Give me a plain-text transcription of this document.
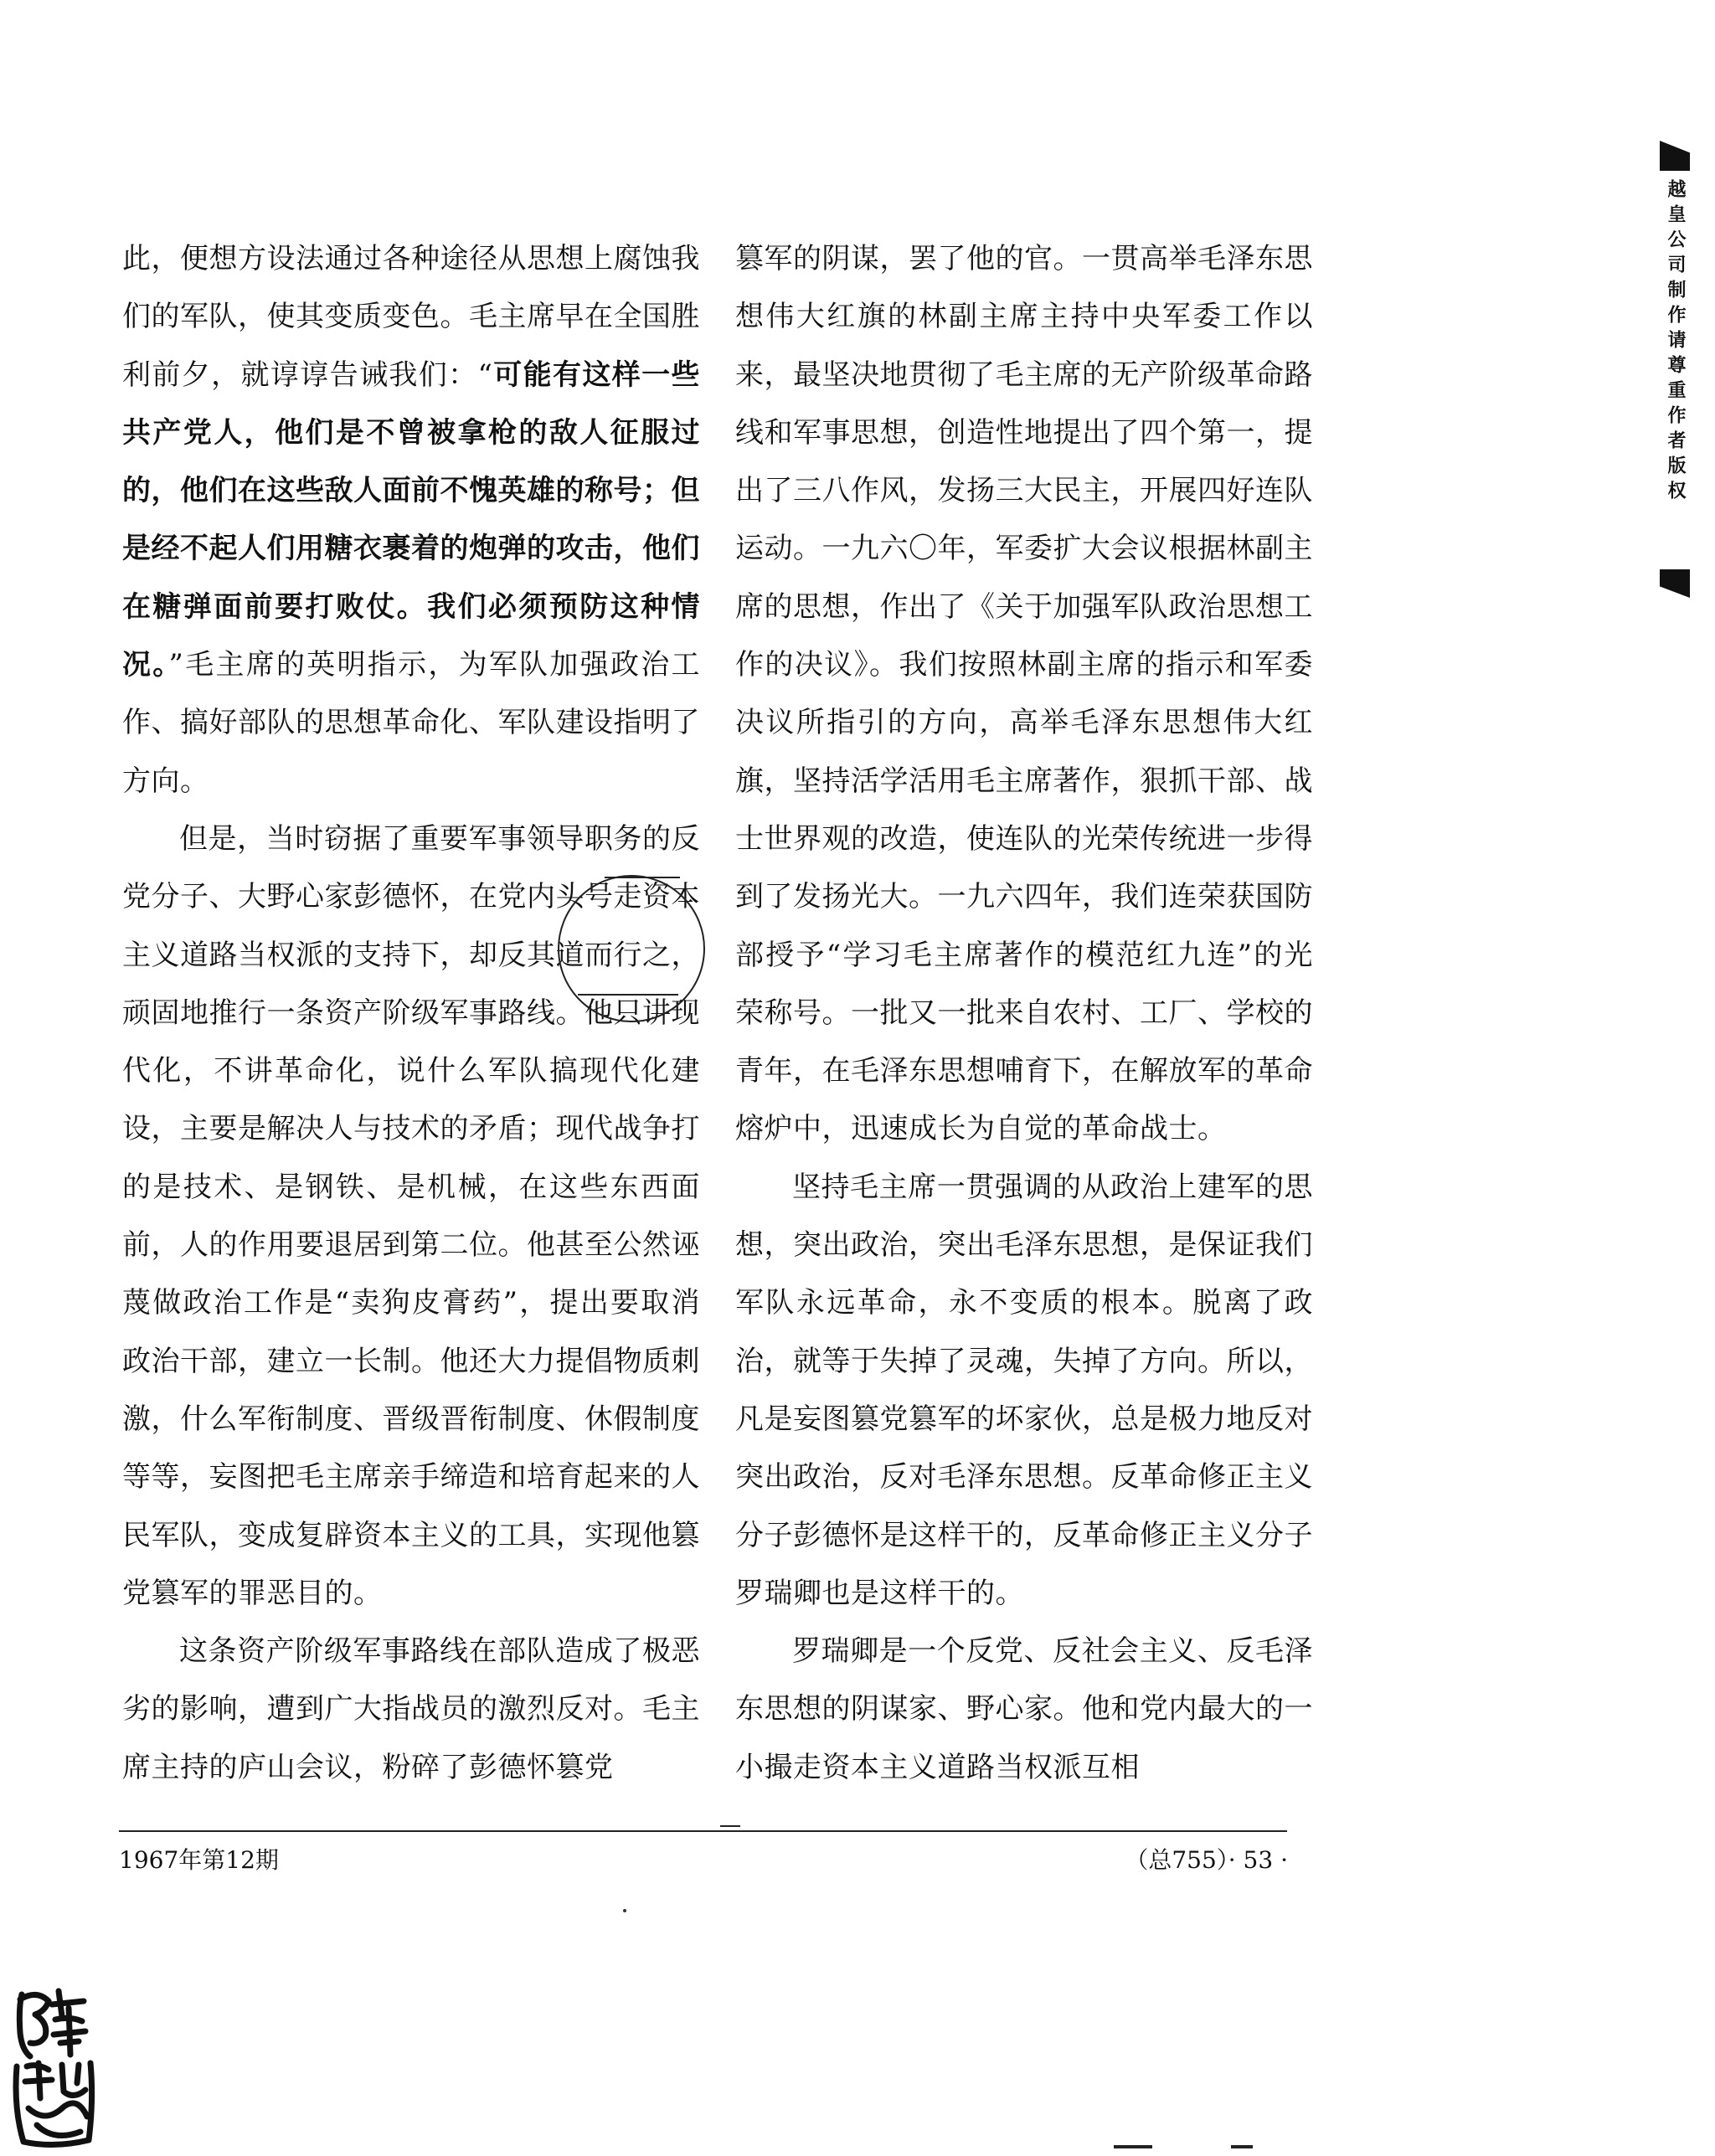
此，便想方设法通过各种途径从思想上腐蚀我们的军队，使其变质变色。毛主席早在全国胜利前夕，就谆谆告诫我们：“可能有这样一些共产党人，他们是不曾被拿枪的敌人征服过的，他们在这些敌人面前不愧英雄的称号；但是经不起人们用糖衣裹着的炮弹的攻击，他们在糖弹面前要打败仗。我们必须预防这种情况。”毛主席的英明指示，为军队加强政治工作、搞好部队的思想革命化、军队建设指明了方向。

但是，当时窃据了重要军事领导职务的反党分子、大野心家彭德怀，在党内头号走资本主义道路当权派的支持下，却反其道而行之，顽固地推行一条资产阶级军事路线。他只讲现代化，不讲革命化，说什么军队搞现代化建设，主要是解决人与技术的矛盾；现代战争打的是技术、是钢铁、是机械，在这些东西面前，人的作用要退居到第二位。他甚至公然诬蔑做政治工作是“卖狗皮膏药”，提出要取消政治干部，建立一长制。他还大力提倡物质刺激，什么军衔制度、晋级晋衔制度、休假制度等等，妄图把毛主席亲手缔造和培育起来的人民军队，变成复辟资本主义的工具，实现他篡党篡军的罪恶目的。

这条资产阶级军事路线在部队造成了极恶劣的影响，遭到广大指战员的激烈反对。毛主席主持的庐山会议，粉碎了彭德怀篡党

篡军的阴谋，罢了他的官。一贯高举毛泽东思想伟大红旗的林副主席主持中央军委工作以来，最坚决地贯彻了毛主席的无产阶级革命路线和军事思想，创造性地提出了四个第一，提出了三八作风，发扬三大民主，开展四好连队运动。一九六〇年，军委扩大会议根据林副主席的思想，作出了《关于加强军队政治思想工作的决议》。我们按照林副主席的指示和军委决议所指引的方向，高举毛泽东思想伟大红旗，坚持活学活用毛主席著作，狠抓干部、战士世界观的改造，使连队的光荣传统进一步得到了发扬光大。一九六四年，我们连荣获国防部授予“学习毛主席著作的模范红九连”的光荣称号。一批又一批来自农村、工厂、学校的青年，在毛泽东思想哺育下，在解放军的革命熔炉中，迅速成长为自觉的革命战士。

坚持毛主席一贯强调的从政治上建军的思想，突出政治，突出毛泽东思想，是保证我们军队永远革命，永不变质的根本。脱离了政治，就等于失掉了灵魂，失掉了方向。所以，凡是妄图篡党篡军的坏家伙，总是极力地反对突出政治，反对毛泽东思想。反革命修正主义分子彭德怀是这样干的，反革命修正主义分子罗瑞卿也是这样干的。

罗瑞卿是一个反党、反社会主义、反毛泽东思想的阴谋家、野心家。他和党内最大的一小撮走资本主义道路当权派互相

1967年第12期	（总755）· 53 ·
越皇公司制作请尊重作者版权
